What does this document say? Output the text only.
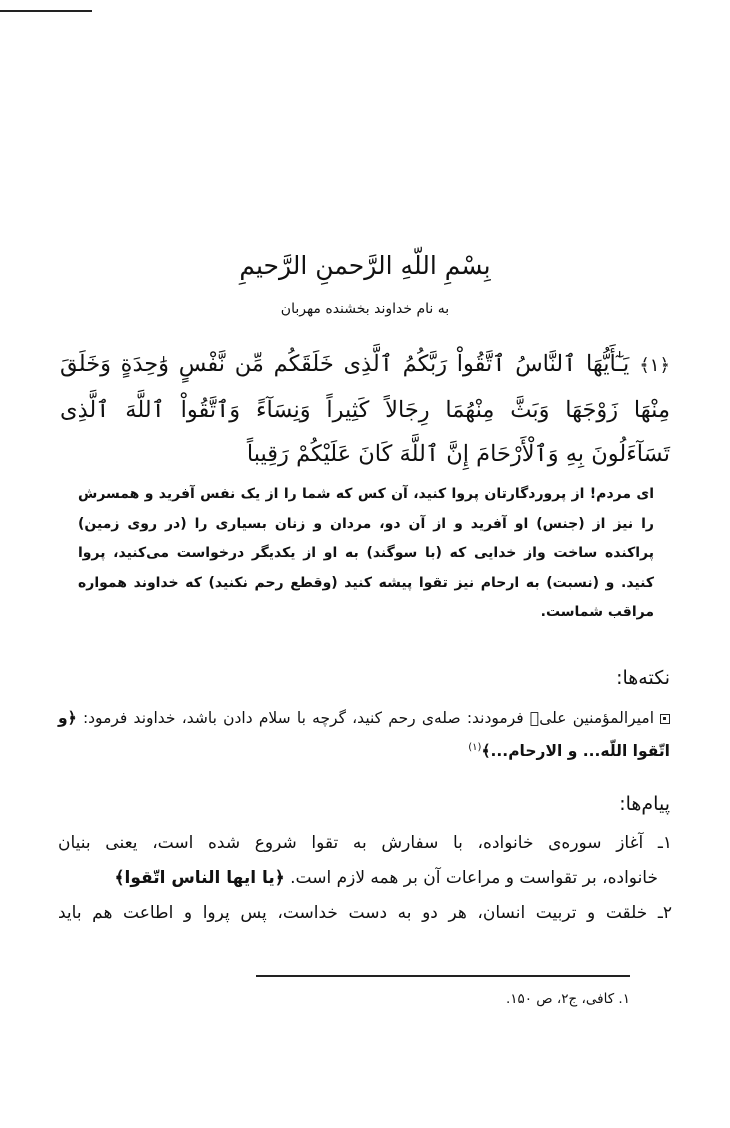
بِسْمِ اللّهِ الرَّحمنِ الرَّحیمِ
به نام خداوند بخشنده مهربان
﴿۱﴾يَـٰٓأَيُّهَا ٱلنَّاسُ ٱتَّقُواْ رَبَّكُمُ ٱلَّذِى خَلَقَكُم مِّن نَّفْسٍ وَٰحِدَةٍ وَخَلَقَ مِنْهَا زَوْجَهَا وَبَثَّ مِنْهُمَا رِجَالاً كَثِيراً وَنِسَآءً وَٱتَّقُواْ ٱللَّهَ ٱلَّذِى تَسَآءَلُونَ بِهِ وَٱلْأَرْحَامَ إِنَّ ٱللَّهَ كَانَ عَلَيْكُمْ رَقِيباً
ای مردم! از پروردگارتان پروا كنيد، آن كس كه شما را از يک نفس آفريد و همسرش را نيز از (جنس) او آفريد و از آن دو، مردان و زنان بسياری را (در روی زمين) پراكنده ساخت واز خدايی كه (با سوگند) به او از يكديگر درخواست می‌كنيد، پروا كنيد. و (نسبت) به ارحام نيز تقوا پيشه كنيد (وقطع رحم نكنيد) كه خداوند همواره مراقب شماست.
نکته‌ها:
اميرالمؤمنين علیؑ فرمودند: صله‌ی رحم كنيد، گرچه با سلام دادن باشد، خداوند فرمود: ﴿و اتّقوا اللّه... و الارحام...﴾$^{(۱)}$
پیام‌ها:
۱ـ آغاز سوره‌ی خانواده، با سفارش به تقوا شروع شده است، يعنی بنيان
خانواده، بر تقواست و مراعات آن بر همه لازم است. ﴿يا ايها الناس اتّقوا﴾
۲ـ خلقت و تربيت انسان، هر دو به دست خداست، پس پروا و اطاعت هم بايد
۱. كافی، ج۲، ص ۱۵۰.
